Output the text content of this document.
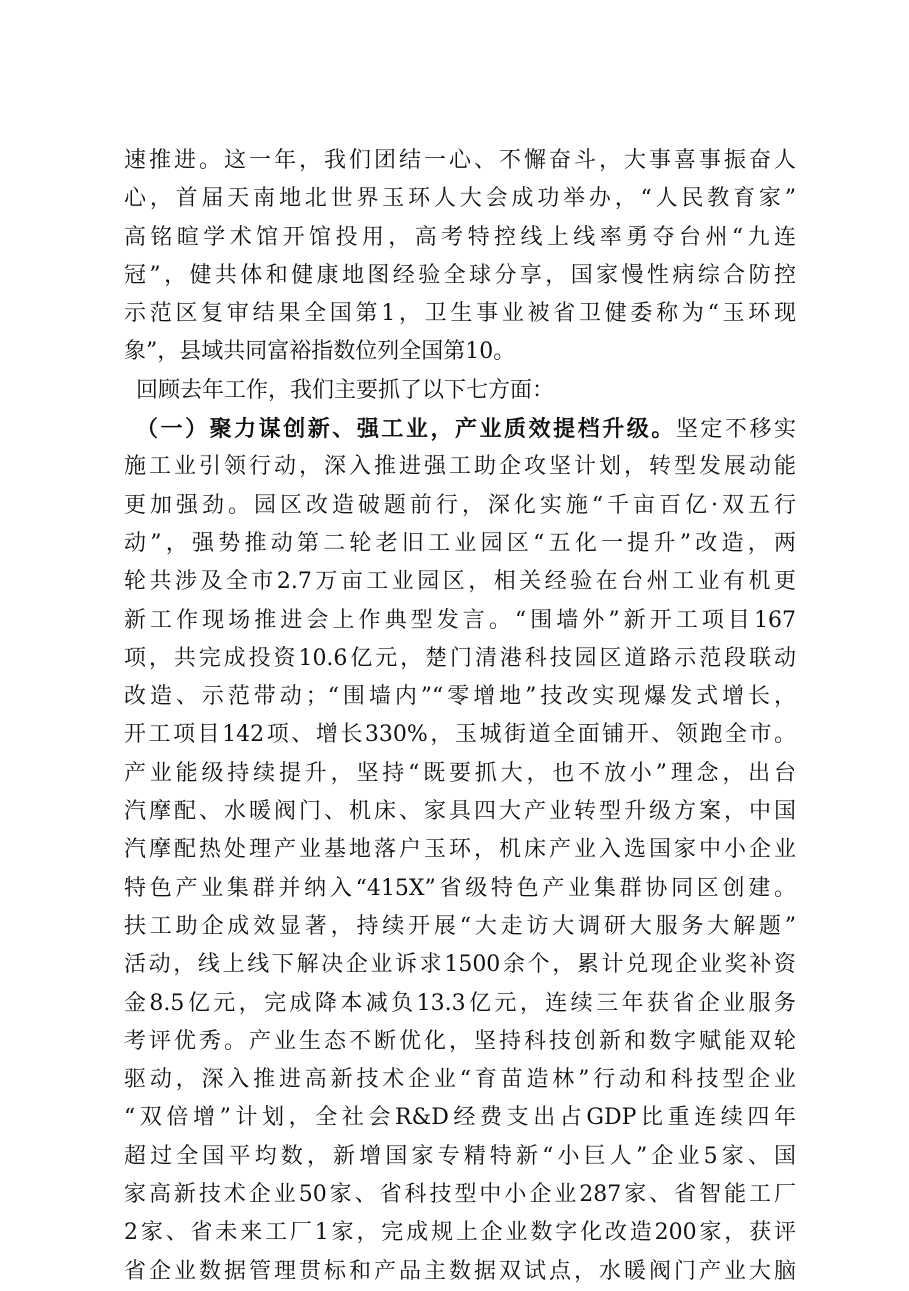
速推进。这一年，我们团结一心、不懈奋斗，大事喜事振奋人
心，首届天南地北世界玉环人大会成功举办，“人民教育家”
高铭暄学术馆开馆投用，高考特控线上线率勇夺台州“九连
冠”，健共体和健康地图经验全球分享，国家慢性病综合防控
示范区复审结果全国第1，卫生事业被省卫健委称为“玉环现
象”，县域共同富裕指数位列全国第10。
回顾去年工作，我们主要抓了以下七方面：
（一）聚力谋创新、强工业，产业质效提档升级。坚定不移实
施工业引领行动，深入推进强工助企攻坚计划，转型发展动能
更加强劲。园区改造破题前行，深化实施“千亩百亿·双五行
动”，强势推动第二轮老旧工业园区“五化一提升”改造，两
轮共涉及全市2.7万亩工业园区，相关经验在台州工业有机更
新工作现场推进会上作典型发言。“围墙外”新开工项目167
项，共完成投资10.6亿元，楚门清港科技园区道路示范段联动
改造、示范带动；“围墙内”“零增地”技改实现爆发式增长，
开工项目142项、增长330%，玉城街道全面铺开、领跑全市。
产业能级持续提升，坚持“既要抓大，也不放小”理念，出台
汽摩配、水暖阀门、机床、家具四大产业转型升级方案，中国
汽摩配热处理产业基地落户玉环，机床产业入选国家中小企业
特色产业集群并纳入“415X”省级特色产业集群协同区创建。
扶工助企成效显著，持续开展“大走访大调研大服务大解题”
活动，线上线下解决企业诉求1500余个，累计兑现企业奖补资
金8.5亿元，完成降本减负13.3亿元，连续三年获省企业服务
考评优秀。产业生态不断优化，坚持科技创新和数字赋能双轮
驱动，深入推进高新技术企业“育苗造林”行动和科技型企业
“双倍增”计划，全社会R&D经费支出占GDP比重连续四年
超过全国平均数，新增国家专精特新“小巨人”企业5家、国
家高新技术企业50家、省科技型中小企业287家、省智能工厂
2家、省未来工厂1家，完成规上企业数字化改造200家，获评
省企业数据管理贯标和产品主数据双试点，水暖阀门产业大脑
